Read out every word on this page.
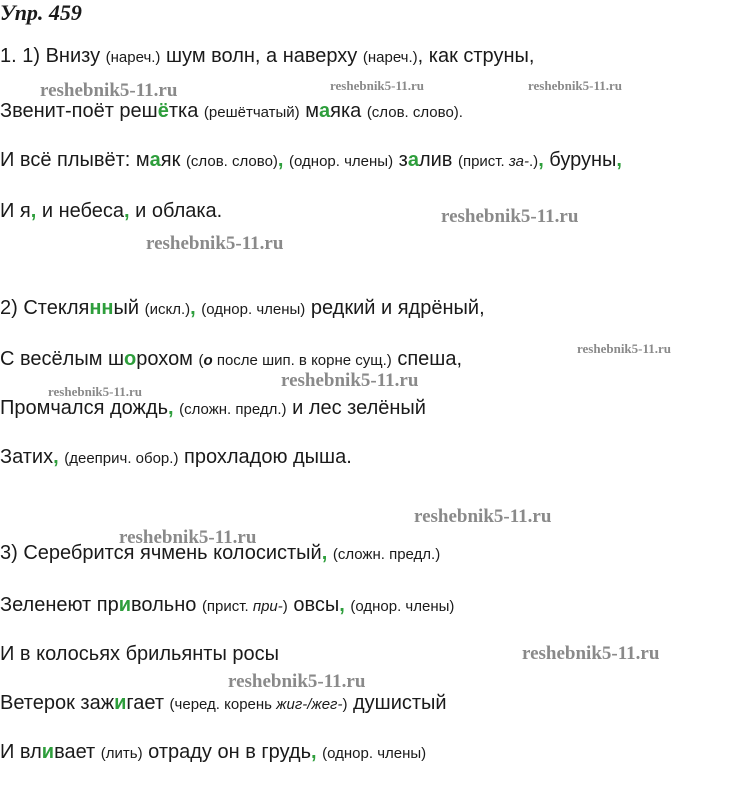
Упр. 459
1. 1) Внизу (нареч.) шум волн, а наверху (нареч.), как струны,
Звенит-поёт решётка (решётчатый) маяка (слов. слово).
И всё плывёт: маяк (слов. слово), (однор. члены) залив (прист. за-.), буруны,
И я, и небеса, и облака.
2) Стеклянный (искл.), (однор. члены) редкий и ядрёный,
С весёлым шорохом (о после шип. в корне сущ.) спеша,
Промчался дождь, (сложн. предл.) и лес зелёный
Затих, (дееприч. обор.) прохладою дыша.
3) Серебрится ячмень колосистый, (сложн. предл.)
Зеленеют привольно (прист. при-) овсы, (однор. члены)
И в колосьях брильянты росы
Ветерок зажигает (черед. корень жиг-/жег-) душистый
И вливает (лить) отраду он в грудь, (однор. члены)
reshebnik5-11.ru	reshebnik5-11.ru	reshebnik5-11.ru
reshebnik5-11.ru
reshebnik5-11.ru
reshebnik5-11.ru
reshebnik5-11.ru
reshebnik5-11.ru
reshebnik5-11.ru
reshebnik5-11.ru
reshebnik5-11.ru
reshebnik5-11.ru
